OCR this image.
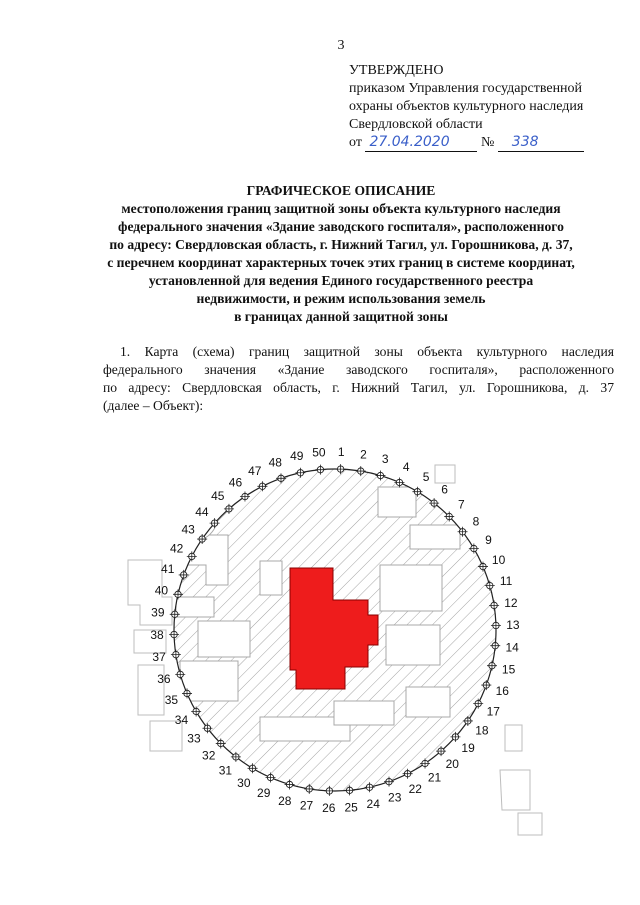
3
УТВЕРЖДЕНО
приказом Управления государственной
охраны объектов культурного наследия
Свердловской области
от 27.04.2020 № 338
ГРАФИЧЕСКОЕ ОПИСАНИЕ
местоположения границ защитной зоны объекта культурного наследия
федерального значения «Здание заводского госпиталя», расположенного
по адресу: Свердловская область, г. Нижний Тагил, ул. Горошникова, д. 37,
с перечнем координат характерных точек этих границ в системе координат,
установленной для ведения Единого государственного реестра
недвижимости, и режим использования земель
в границах данной защитной зоны
1. Карта (схема) границ защитной зоны объекта культурного наследия
федерального значения «Здание заводского госпиталя», расположенного
по адресу: Свердловская область, г. Нижний Тагил, ул. Горошникова, д. 37
(далее – Объект):
1 2 3
4
5
6
7
8
9
10
11
12
13
14
15
16
17
18
19
20
21
22
23
24
25
26
27
28
29
30
31
32
33
34
35
36
37
38
39
40
41
42
43
44
45
46
47
48 49 50
